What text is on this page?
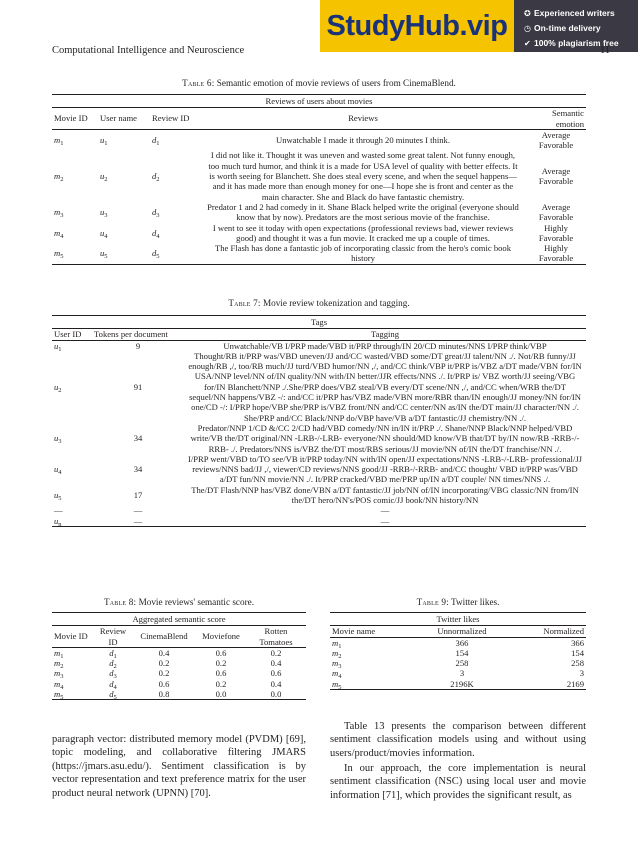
StudyHub.vip	✪ Experienced writers
◷ On-time delivery
✔ 100% plagiarism free
Computational Intelligence and Neuroscience	11
Table 6: Semantic emotion of movie reviews of users from CinemaBlend.
Reviews of users about movies				
Movie ID	User name	Review ID	Reviews	Semantic emotion
$m_1$	$u_1$	$d_1$	Unwatchable I made it through 20 minutes I think.	Average Favorable
$m_2$	$u_2$	$d_2$	I did not like it. Thought it was uneven and wasted some great talent. Not funny enough, too much turd humor, and think it is a made for USA level of quality with better effects. It is worth seeing for Blanchett. She does steal every scene, and when the sequel happens—and it has made more than enough money for one—I hope she is front and center as the main character. She and Black do have fantastic chemistry.	Average Favorable
$m_3$	$u_3$	$d_3$	Predator 1 and 2 had comedy in it. Shane Black helped write the original (everyone should know that by now). Predators are the most serious movie of the franchise.	Average Favorable
$m_4$	$u_4$	$d_4$	I went to see it today with open expectations (professional reviews bad, viewer reviews good) and thought it was a fun movie. It cracked me up a couple of times.	Highly Favorable
$m_5$	$u_5$	$d_5$	The Flash has done a fantastic job of incorporating classic from the hero's comic book history	Highly Favorable
Table 7: Movie review tokenization and tagging.
Tags		
User ID	Tokens per document	Tagging
$u_1$	9	Unwatchable/VB I/PRP made/VBD it/PRP through/IN 20/CD minutes/NNS I/PRP think/VBP
$u_2$	91	Thought/RB it/PRP was/VBD uneven/JJ and/CC wasted/VBD some/DT great/JJ talent/NN ./. Not/RB funny/JJ enough/RB ,/, too/RB much/JJ turd/VBD humor/NN ,/, and/CC think/VBP it/PRP is/VBZ a/DT made/VBN for/IN USA/NNP level/NN of/IN quality/NN with/IN better/JJR effects/NNS ./. It/PRP is/ VBZ worth/JJ seeing/VBG for/IN Blanchett/NNP ./.She/PRP does/VBZ steal/VB every/DT scene/NN ,/, and/CC when/WRB the/DT sequel/NN happens/VBZ -/: and/CC it/PRP has/VBZ made/VBN more/RBR than/IN enough/JJ money/NN for/IN one/CD -/: I/PRP hope/VBP she/PRP is/VBZ front/NN and/CC center/NN as/IN the/DT main/JJ character/NN ./. She/PRP and/CC Black/NNP do/VBP have/VB a/DT fantastic/JJ chemistry/NN ./.
$u_3$	34	Predator/NNP 1/CD &/CC 2/CD had/VBD comedy/NN in/IN it/PRP ./. Shane/NNP Black/NNP helped/VBD write/VB the/DT original/NN -LRB-/-LRB- everyone/NN should/MD know/VB that/DT by/IN now/RB -RRB-/-RRB- ./. Predators/NNS is/VBZ the/DT most/RBS serious/JJ movie/NN of/IN the/DT franchise/NN ./.
$u_4$	34	I/PRP went/VBD to/TO see/VB it/PRP today/NN with/IN open/JJ expectations/NNS -LRB-/-LRB- professional/JJ reviews/NNS bad/JJ ,/, viewer/CD reviews/NNS good/JJ -RRB-/-RRB- and/CC thought/ VBD it/PRP was/VBD a/DT fun/NN movie/NN ./. It/PRP cracked/VBD me/PRP up/IN a/DT couple/ NN times/NNS ./.
$u_5$	17	The/DT Flash/NNP has/VBZ done/VBN a/DT fantastic/JJ job/NN of/IN incorporating/VBG classic/NN from/IN the/DT hero/NN's/POS comic/JJ book/NN history/NN
—	—	—
$u_n$	—	—
Table 8: Movie reviews' semantic score.
Aggregated semantic score				
Movie ID	Review ID	CinemaBlend	Moviefone	Rotten Tomatoes
$m_1$	$d_1$	0.4	0.6	0.2
$m_2$	$d_2$	0.2	0.2	0.4
$m_3$	$d_3$	0.2	0.6	0.6
$m_4$	$d_4$	0.6	0.2	0.4
$m_5$	$d_5$	0.8	0.0	0.0
Table 9: Twitter likes.
Twitter likes		
Movie name	Unnormalized	Normalized
$m_1$	366	366
$m_2$	154	154
$m_3$	258	258
$m_4$	3	3
$m_5$	2196K	2169
paragraph vector: distributed memory model (PVDM) [69], topic modeling, and collaborative filtering JMARS (https://jmars.asu.edu/). Sentiment classification is by vector representation and text preference matrix for the user product neural network (UPNN) [70].
Table 13 presents the comparison between different sentiment classification models using and without using users/product/movies information.
In our approach, the core implementation is neural sentiment classification (NSC) using local user and movie information [71], which provides the significant result, as
